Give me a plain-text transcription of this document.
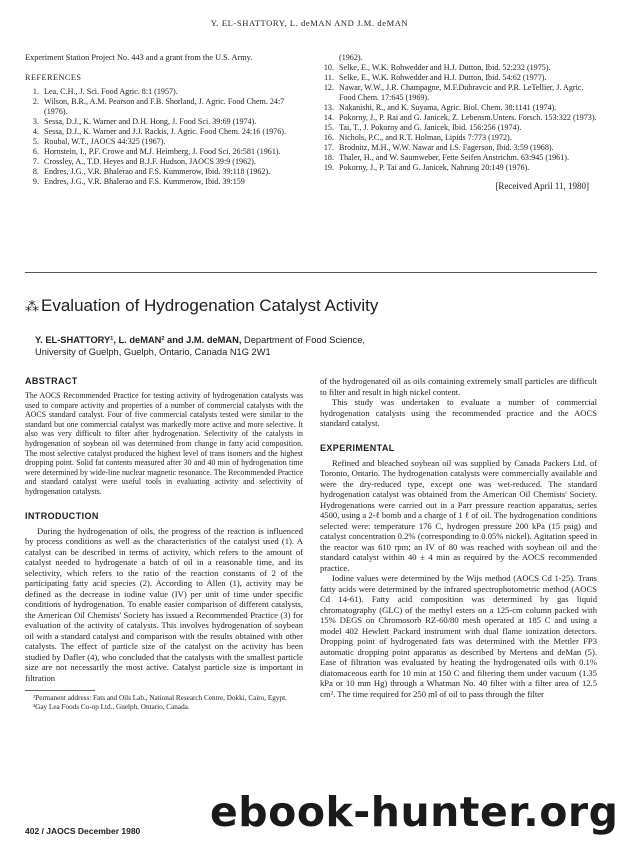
Y. EL-SHATTORY, L. deMAN AND J.M. deMAN

Experiment Station Project No. 443 and a grant from the U.S. Army.

REFERENCES
1. Lea, C.H., J. Sci. Food Agric. 8:1 (1957).
2. Wilson, B.R., A.M. Pearson and F.B. Shorland, J. Agric. Food Chem. 24:7 (1976).
3. Sessa, D.J., K. Warner and D.H. Hong, J. Food Sci. 39:69 (1974).
4. Sessa, D.J., K. Warner and J.J. Rackis, J. Agric. Food Chem. 24:16 (1976).
5. Roubal, W.T., JAOCS 44:325 (1967).
6. Hornstein, I., P.F. Crowe and M.J. Heimberg, J. Food Sci. 26:581 (1961).
7. Crossley, A., T.D. Heyes and B.J.F. Hudson, JAOCS 39:9 (1962).
8. Endres, J.G., V.R. Bhalerao and F.S. Kummerow, Ibid. 39:118 (1962).
9. Endres, J.G., V.R. Bhalerao and F.S. Kummerow, Ibid. 39:159
(1962).
10. Selke, E., W.K. Rohwedder and H.J. Dutton, Ibid. 52:232 (1975).
11. Selke, E., W.K. Rohwedder and H.J. Dutton, Ibid. 54:62 (1977).
12. Nawar, W.W., J.R. Champagne, M.F.Dubravcic and P.R. LeTellier, J. Agric. Food Chem. 17:645 (1969).
13. Nakanishi, R., and K. Suyama, Agric. Biol. Chem. 38:1141 (1974).
14. Pokorny, J., P. Rai and G. Janicek, Z. Lebensm.Unters. Forsch. 153:322 (1973).
15. Tai, T., J. Pokorny and G. Janicek, Ibid. 156:256 (1974).
16. Nichols, P.C., and R.T. Holman, Lipids 7:773 (1972).
17. Brodnitz, M.H., W.W. Nawar and I.S. Fagerson, Ibid. 3:59 (1968).
18. Thaler, H., and W. Saumweber, Fette Seifen Anstrichm. 63:945 (1961).
19. Pokorny, J., P. Tai and G. Janicek, Nahrung 20:149 (1976).
[Received April 11, 1980]
⁂ Evaluation of Hydrogenation Catalyst Activity
Y. EL-SHATTORY¹, L. deMAN² and J.M. deMAN, Department of Food Science,
University of Guelph, Guelph, Ontario, Canada N1G 2W1
ABSTRACT

The AOCS Recommended Practice for testing activity of hydrogenation catalysts was used to compare activity and properties of a number of commercial catalysts with the AOCS standard catalyst. Four of five commercial catalysts tested were similar to the standard but one commercial catalyst was markedly more active and more selective. It also was very difficult to filter after hydrogenation. Selectivity of the catalysts in hydrogenation of soybean oil was determined from change in fatty acid composition. The most selective catalyst produced the highest level of trans isomers and the highest dropping point. Solid fat contents measured after 30 and 40 min of hydrogenation time were determined by wide-line nuclear magnetic resonance. The Recommended Practice and standard catalyst were useful tools in evaluating activity and selectivity of hydrogenation catalysts.

INTRODUCTION

During the hydrogenation of oils, the progress of the reaction is influenced by process conditions as well as the characteristics of the catalyst used (1). A catalyst can be described in terms of activity, which refers to the amount of catalyst needed to hydrogenate a batch of oil in a reasonable time, and its selectivity, which refers to the ratio of the reaction constants of 2 of the participating fatty acid species (2). According to Allen (1), activity may be defined as the decrease in iodine value (IV) per unit of time under specific conditions of hydrogenation. To enable easier comparison of different catalysts, the American Oil Chemists' Society has issued a Recommended Practice (3) for evaluation of the activity of catalysts. This involves hydrogenation of soybean oil with a standard catalyst and comparison with the results obtained with other catalysts. The effect of particle size of the catalyst on the activity has been studied by Dafler (4), who concluded that the catalysts with the smallest particle size are not necessarily the most active. Catalyst particle size is important in filtration

¹Permanent address: Fats and Oils Lab., National Research Centre, Dokki, Cairo, Egypt.
²Gay Lea Foods Co-op Ltd., Guelph, Ontario, Canada.

of the hydrogenated oil as oils containing extremely small particles are difficult to filter and result in high nickel content.

This study was undertaken to evaluate a number of commercial hydrogenation catalysts using the recommended practice and the AOCS standard catalyst.

EXPERIMENTAL

Refined and bleached soybean oil was supplied by Canada Packers Ltd. of Toronto, Ontario. The hydrogenation catalysts were commercially available and were the dry-reduced type, except one was wet-reduced. The standard hydrogenation catalyst was obtained from the American Oil Chemists' Society. Hydrogenations were carried out in a Parr pressure reaction apparatus, series 4500, using a 2-ℓ bomb and a charge of 1 ℓ of oil. The hydrogenation conditions selected were: temperature 176 C, hydrogen pressure 200 kPa (15 psig) and catalyst concentration 0.2% (corresponding to 0.05% nickel). Agitation speed in the reactor was 610 rpm; an IV of 80 was reached with soybean oil and the standard catalyst within 40 ± 4 min as required by the AOCS recommended practice.

Iodine values were determined by the Wijs method (AOCS Cd 1-25). Trans fatty acids were determined by the infrared spectrophotometric method (AOCS Cd 14-61). Fatty acid composition was determined by gas liquid chromatography (GLC) of the methyl esters on a 125-cm column packed with 15% DEGS on Chromosorb RZ-60/80 mesh operated at 185 C and using a model 402 Hewlett Packard instrument with dual flame ionization detectors. Dropping point of hydrogenated fats was determined with the Mettler FP3 automatic dropping point apparatus as described by Mertens and deMan (5). Ease of filtration was evaluated by heating the hydrogenated oils with 0.1% diatomaceous earth for 10 min at 150 C and filtering them under vacuum (1.35 kPa or 10 mm Hg) through a Whatman No. 40 filter with a filter area of 12.5 cm². The time required for 250 ml of oil to pass through the filter

402 / JAOCS December 1980 ebook-hunter.org
